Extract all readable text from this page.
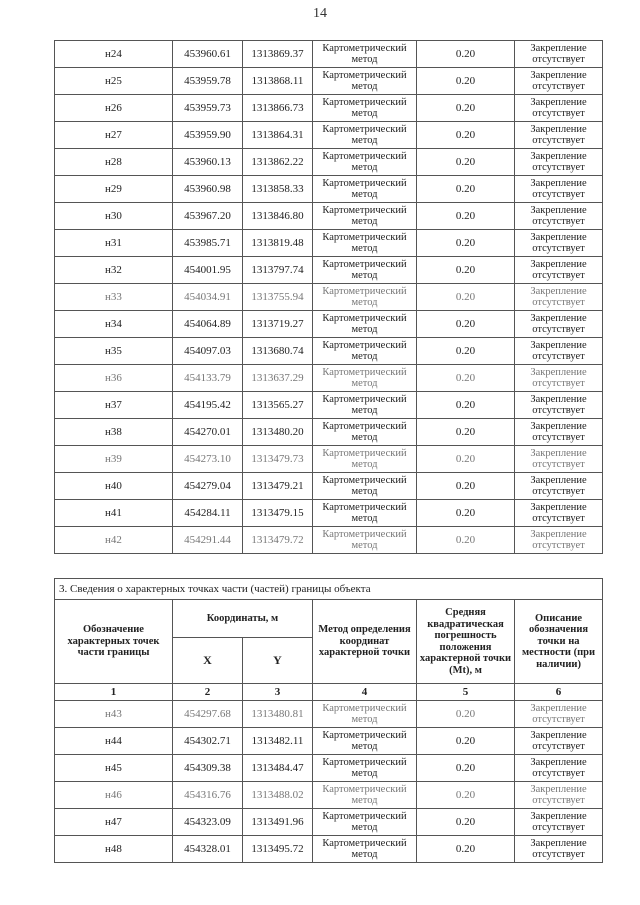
14
н24	453960.61	1313869.37	Картометрический метод	0.20	Закрепление отсутствует
н25	453959.78	1313868.11	Картометрический метод	0.20	Закрепление отсутствует
н26	453959.73	1313866.73	Картометрический метод	0.20	Закрепление отсутствует
н27	453959.90	1313864.31	Картометрический метод	0.20	Закрепление отсутствует
н28	453960.13	1313862.22	Картометрический метод	0.20	Закрепление отсутствует
н29	453960.98	1313858.33	Картометрический метод	0.20	Закрепление отсутствует
н30	453967.20	1313846.80	Картометрический метод	0.20	Закрепление отсутствует
н31	453985.71	1313819.48	Картометрический метод	0.20	Закрепление отсутствует
н32	454001.95	1313797.74	Картометрический метод	0.20	Закрепление отсутствует
н33	454034.91	1313755.94	Картометрический метод	0.20	Закрепление отсутствует
н34	454064.89	1313719.27	Картометрический метод	0.20	Закрепление отсутствует
н35	454097.03	1313680.74	Картометрический метод	0.20	Закрепление отсутствует
н36	454133.79	1313637.29	Картометрический метод	0.20	Закрепление отсутствует
н37	454195.42	1313565.27	Картометрический метод	0.20	Закрепление отсутствует
н38	454270.01	1313480.20	Картометрический метод	0.20	Закрепление отсутствует
н39	454273.10	1313479.73	Картометрический метод	0.20	Закрепление отсутствует
н40	454279.04	1313479.21	Картометрический метод	0.20	Закрепление отсутствует
н41	454284.11	1313479.15	Картометрический метод	0.20	Закрепление отсутствует
н42	454291.44	1313479.72	Картометрический метод	0.20	Закрепление отсутствует
3. Сведения о характерных точках части (частей) границы объекта					
Обозначение характерных точек части границы	Координаты, м		Метод определения координат характерной точки	Средняя квадратическая погрешность положения характерной точки (Mt), м	Описание обозначения точки на местности (при наличии)
	X	Y			
1	2	3	4	5	6
н43	454297.68	1313480.81	Картометрический метод	0.20	Закрепление отсутствует
н44	454302.71	1313482.11	Картометрический метод	0.20	Закрепление отсутствует
н45	454309.38	1313484.47	Картометрический метод	0.20	Закрепление отсутствует
н46	454316.76	1313488.02	Картометрический метод	0.20	Закрепление отсутствует
н47	454323.09	1313491.96	Картометрический метод	0.20	Закрепление отсутствует
н48	454328.01	1313495.72	Картометрический метод	0.20	Закрепление отсутствует
